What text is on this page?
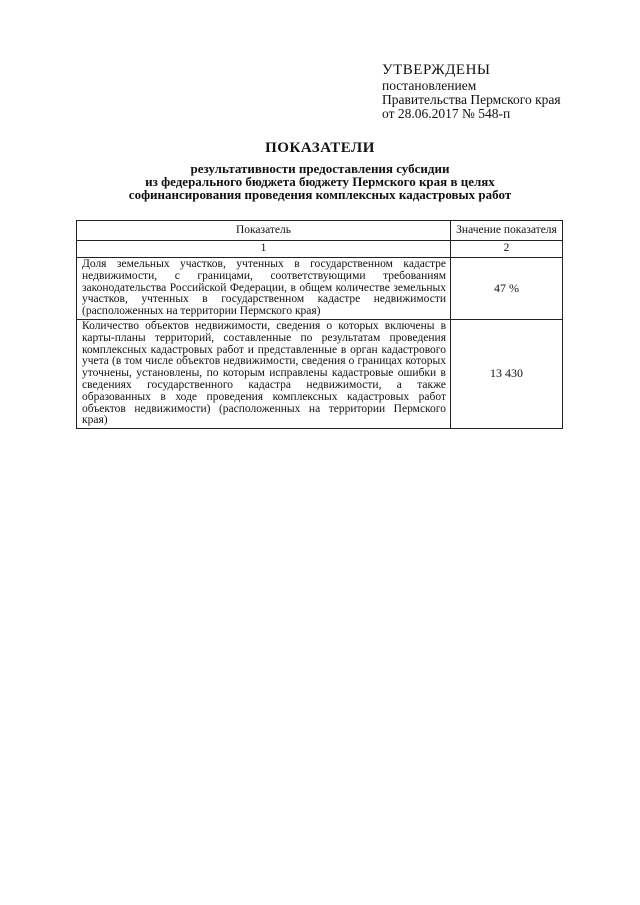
УТВЕРЖДЕНЫ
постановлением
Правительства Пермского края
от 28.06.2017 № 548-п
ПОКАЗАТЕЛИ
результативности предоставления субсидии
из федерального бюджета бюджету Пермского края в целях
софинансирования проведения комплексных кадастровых работ
Показатель	Значение показателя
1	2
Доля земельных участков, учтенных в государственном кадастре недвижимости, с границами, соответствующими требованиям законодательства Российской Федерации, в общем количестве земельных участков, учтенных в государственном кадастре недвижимости (расположенных на территории Пермского края)	47 %
Количество объектов недвижимости, сведения о которых включены в карты-планы территорий, составленные по результатам проведения комплексных кадастровых работ и представленные в орган кадастрового учета (в том числе объектов недвижимости, сведения о границах которых уточнены, установлены, по которым исправлены кадастровые ошибки в сведениях государственного кадастра недвижимости, а также образованных в ходе проведения комплексных кадастровых работ объектов недвижимости) (расположенных на территории Пермского края)	13 430
